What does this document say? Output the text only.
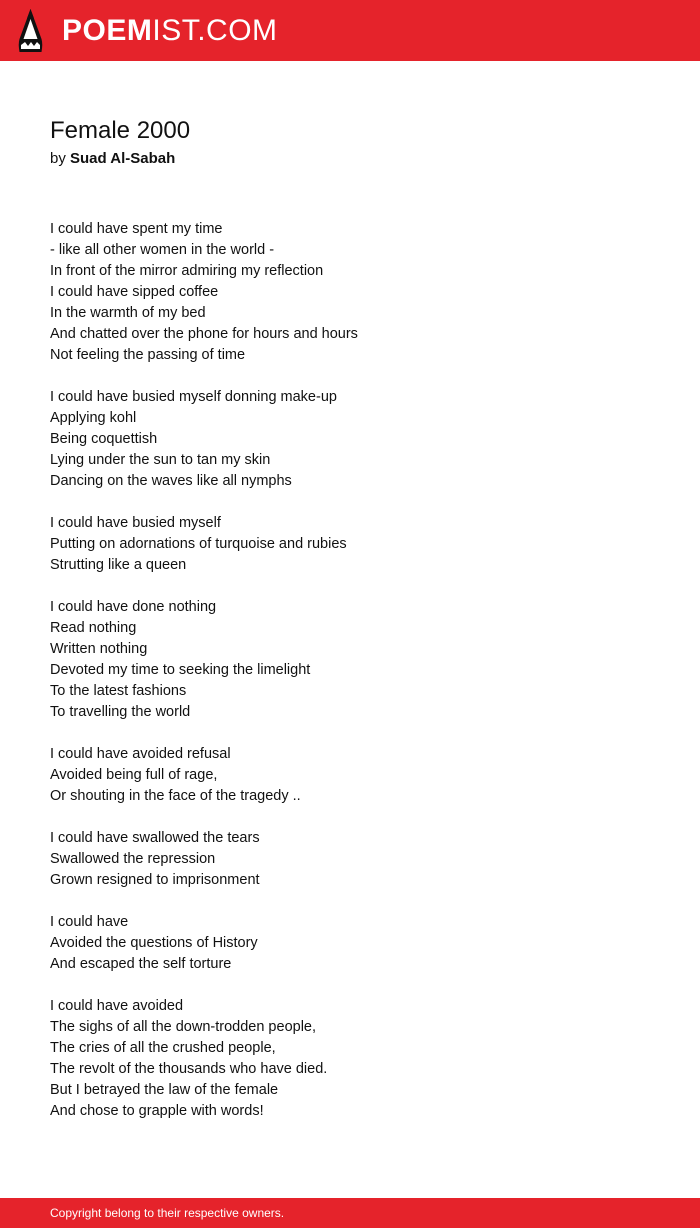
POEMIST.COM
Female 2000
by Suad Al-Sabah
I could have spent my time
- like all other women in the world -
In front of the mirror admiring my reflection
I could have sipped coffee
In the warmth of my bed
And chatted over the phone for hours and hours
Not feeling the passing of time
I could have busied myself donning make-up
Applying kohl
Being coquettish
Lying under the sun to tan my skin
Dancing on the waves like all nymphs
I could have busied myself
Putting on adornations of turquoise and rubies
Strutting like a queen
I could have done nothing
Read nothing
Written nothing
Devoted my time to seeking the limelight
To the latest fashions
To travelling the world
I could have avoided refusal
Avoided being full of rage,
Or shouting in the face of the tragedy ..
I could have swallowed the tears
Swallowed the repression
Grown resigned to imprisonment
I could have
Avoided the questions of History
And escaped the self torture
I could have avoided
The sighs of all the down-trodden people,
The cries of all the crushed people,
The revolt of the thousands who have died.
But I betrayed the law of the female
And chose to grapple with words!
Copyright belong to their respective owners.
